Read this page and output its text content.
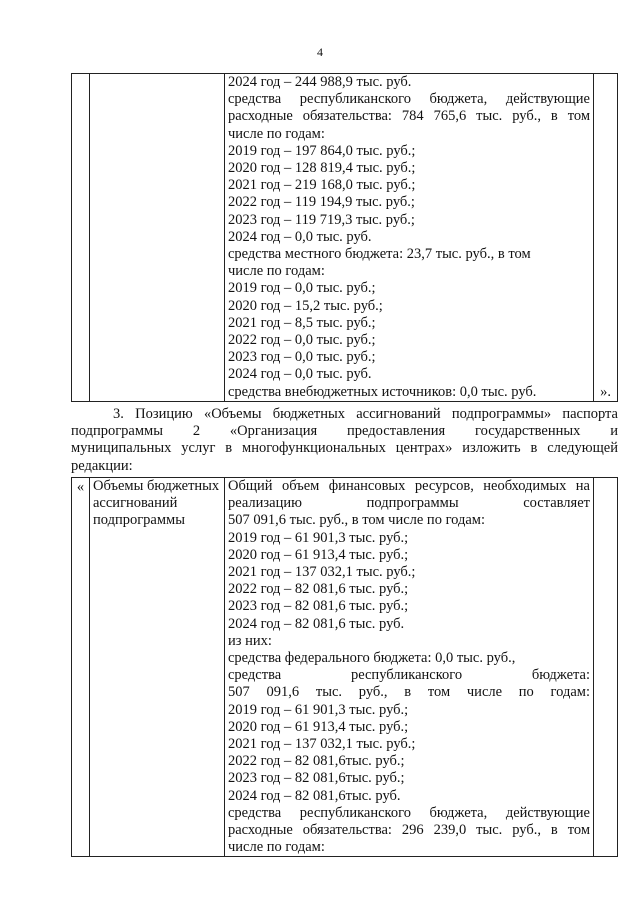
4

2024 год – 244 988,9 тыс. руб.
средства республиканского бюджета, действующие
расходные обязательства: 784 765,6 тыс. руб., в том
числе по годам:
2019 год – 197 864,0 тыс. руб.;
2020 год – 128 819,4 тыс. руб.;
2021 год – 219 168,0 тыс. руб.;
2022 год – 119 194,9 тыс. руб.;
2023 год – 119 719,3 тыс. руб.;
2024 год – 0,0 тыс. руб.
средства местного бюджета: 23,7 тыс. руб., в том
числе по годам:
2019 год – 0,0 тыс. руб.;
2020 год – 15,2 тыс. руб.;
2021 год – 8,5 тыс. руб.;
2022 год – 0,0 тыс. руб.;
2023 год – 0,0 тыс. руб.;
2024 год – 0,0 тыс. руб.
средства внебюджетных источников: 0,0 тыс. руб.	».
3. Позицию «Объемы бюджетных ассигнований подпрограммы» паспорта
подпрограммы 2 «Организация предоставления государственных и
муниципальных услуг в многофункциональных центрах» изложить в следующей
редакции:
«	Объемы бюджетных
ассигнований
подпрограммы

Общий объем финансовых ресурсов, необходимых на
реализацию подпрограммы составляет
507 091,6 тыс. руб., в том числе по годам:
2019 год – 61 901,3 тыс. руб.;
2020 год – 61 913,4 тыс. руб.;
2021 год – 137 032,1 тыс. руб.;
2022 год – 82 081,6 тыс. руб.;
2023 год – 82 081,6 тыс. руб.;
2024 год – 82 081,6 тыс. руб.
из них:
средства федерального бюджета: 0,0 тыс. руб.,
средства республиканского бюджета:
507 091,6 тыс. руб., в том числе по годам:
2019 год – 61 901,3 тыс. руб.;
2020 год – 61 913,4 тыс. руб.;
2021 год – 137 032,1 тыс. руб.;
2022 год – 82 081,6тыс. руб.;
2023 год – 82 081,6тыс. руб.;
2024 год – 82 081,6тыс. руб.
средства республиканского бюджета, действующие
расходные обязательства: 296 239,0 тыс. руб., в том
числе по годам:
